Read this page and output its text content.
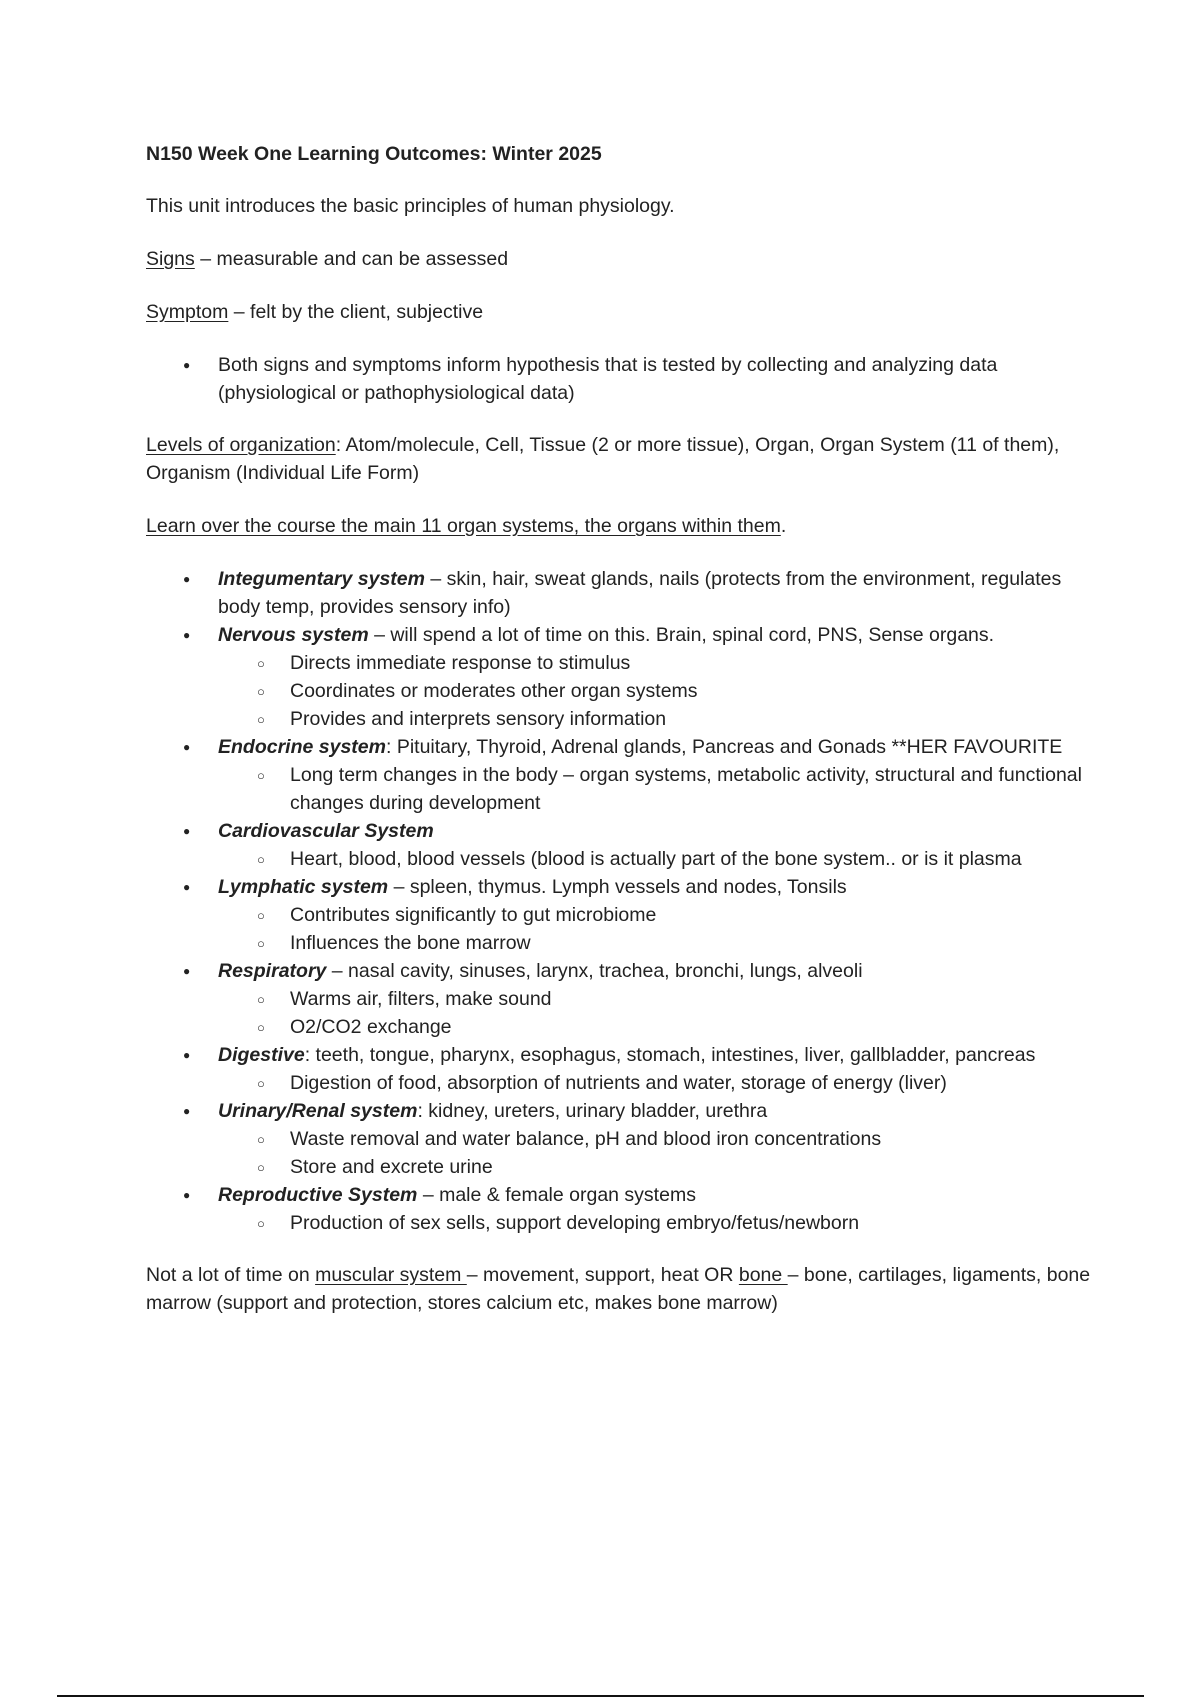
N150 Week One Learning Outcomes: Winter 2025

This unit introduces the basic principles of human physiology.

Signs – measurable and can be assessed

Symptom – felt by the client, subjective

● Both signs and symptoms inform hypothesis that is tested by collecting and analyzing data (physiological or pathophysiological data)

Levels of organization: Atom/molecule, Cell, Tissue (2 or more tissue), Organ, Organ System (11 of them), Organism (Individual Life Form)

Learn over the course the main 11 organ systems, the organs within them.

● Integumentary system – skin, hair, sweat glands, nails (protects from the environment, regulates body temp, provides sensory info)
● Nervous system – will spend a lot of time on this. Brain, spinal cord, PNS, Sense organs.
○ Directs immediate response to stimulus
○ Coordinates or moderates other organ systems
○ Provides and interprets sensory information
● Endocrine system: Pituitary, Thyroid, Adrenal glands, Pancreas and Gonads **HER FAVOURITE
○ Long term changes in the body – organ systems, metabolic activity, structural and functional changes during development
● Cardiovascular System
○ Heart, blood, blood vessels (blood is actually part of the bone system.. or is it plasma
● Lymphatic system – spleen, thymus. Lymph vessels and nodes, Tonsils
○ Contributes significantly to gut microbiome
○ Influences the bone marrow
● Respiratory – nasal cavity, sinuses, larynx, trachea, bronchi, lungs, alveoli
○ Warms air, filters, make sound
○ O2/CO2 exchange
● Digestive: teeth, tongue, pharynx, esophagus, stomach, intestines, liver, gallbladder, pancreas
○ Digestion of food, absorption of nutrients and water, storage of energy (liver)
● Urinary/Renal system: kidney, ureters, urinary bladder, urethra
○ Waste removal and water balance, pH and blood iron concentrations
○ Store and excrete urine
● Reproductive System – male & female organ systems
○ Production of sex sells, support developing embryo/fetus/newborn

Not a lot of time on muscular system – movement, support, heat OR bone – bone, cartilages, ligaments, bone marrow (support and protection, stores calcium etc, makes bone marrow)
